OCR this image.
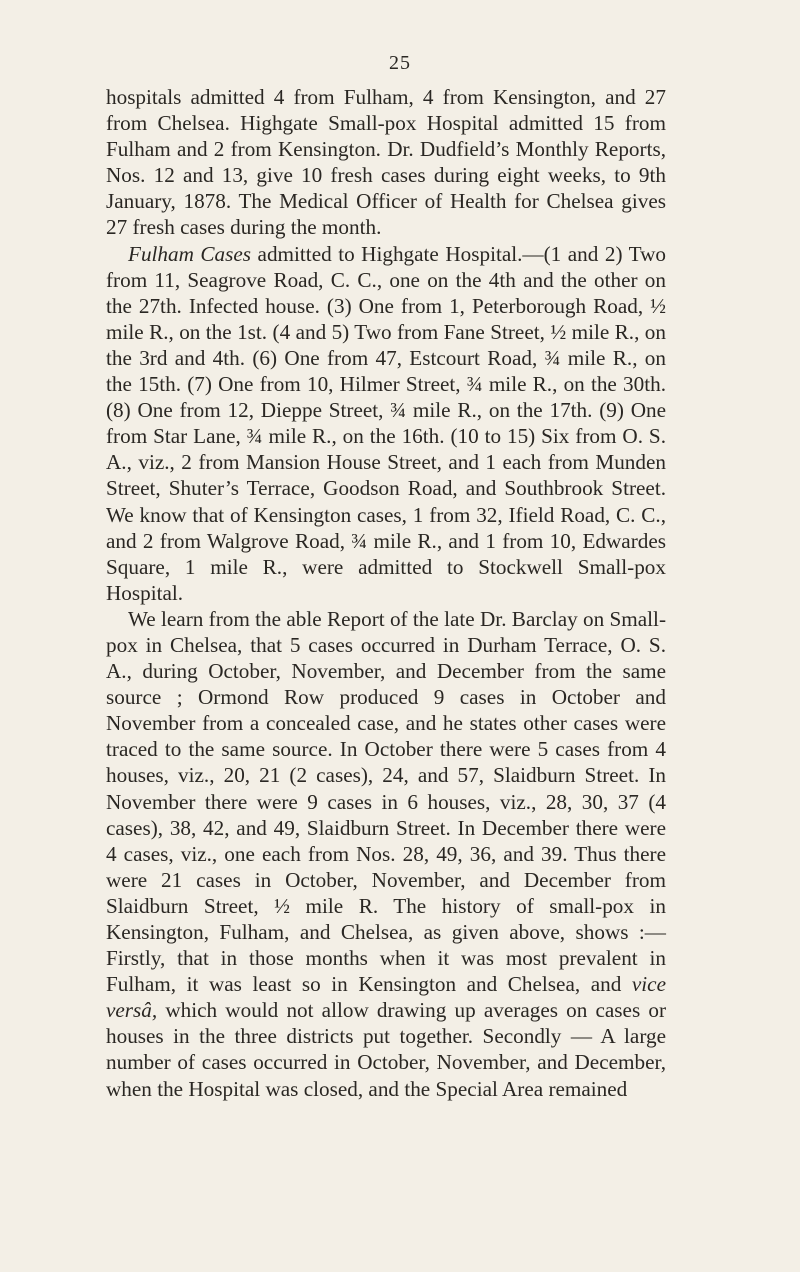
25

hospitals admitted 4 from Fulham, 4 from Kensington, and 27 from Chelsea. Highgate Small-pox Hospital admitted 15 from Fulham and 2 from Kensington. Dr. Dudfield’s Monthly Reports, Nos. 12 and 13, give 10 fresh cases during eight weeks, to 9th January, 1878. The Medical Officer of Health for Chelsea gives 27 fresh cases during the month.

Fulham Cases admitted to Highgate Hospital.—(1 and 2) Two from 11, Seagrove Road, C. C., one on the 4th and the other on the 27th. Infected house. (3) One from 1, Peterborough Road, ½ mile R., on the 1st. (4 and 5) Two from Fane Street, ½ mile R., on the 3rd and 4th. (6) One from 47, Estcourt Road, ¾ mile R., on the 15th. (7) One from 10, Hilmer Street, ¾ mile R., on the 30th. (8) One from 12, Dieppe Street, ¾ mile R., on the 17th. (9) One from Star Lane, ¾ mile R., on the 16th. (10 to 15) Six from O. S. A., viz., 2 from Mansion House Street, and 1 each from Munden Street, Shuter’s Terrace, Goodson Road, and Southbrook Street. We know that of Kensington cases, 1 from 32, Ifield Road, C. C., and 2 from Walgrove Road, ¾ mile R., and 1 from 10, Edwardes Square, 1 mile R., were admitted to Stockwell Small-pox Hospital.

We learn from the able Report of the late Dr. Barclay on Small-pox in Chelsea, that 5 cases occurred in Durham Terrace, O. S. A., during October, November, and December from the same source ; Ormond Row produced 9 cases in October and November from a concealed case, and he states other cases were traced to the same source. In October there were 5 cases from 4 houses, viz., 20, 21 (2 cases), 24, and 57, Slaidburn Street. In November there were 9 cases in 6 houses, viz., 28, 30, 37 (4 cases), 38, 42, and 49, Slaidburn Street. In December there were 4 cases, viz., one each from Nos. 28, 49, 36, and 39. Thus there were 21 cases in October, November, and December from Slaidburn Street, ½ mile R. The history of small-pox in Kensington, Fulham, and Chelsea, as given above, shows :—Firstly, that in those months when it was most prevalent in Fulham, it was least so in Kensington and Chelsea, and vice versâ, which would not allow drawing up averages on cases or houses in the three districts put together. Secondly — A large number of cases occurred in October, November, and December, when the Hospital was closed, and the Special Area remained
